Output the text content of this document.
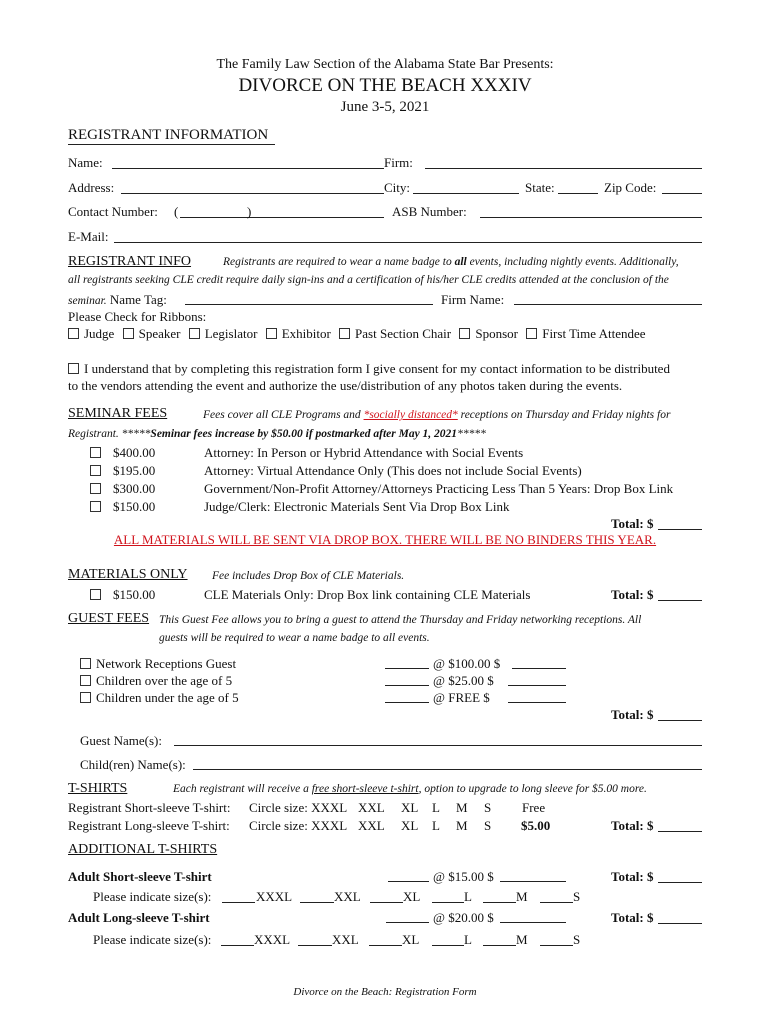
The Family Law Section of the Alabama State Bar Presents:
DIVORCE ON THE BEACH XXXIV
June 3-5, 2021
REGISTRANT INFORMATION
Name:	Firm:
Address:	City:	State:	Zip Code:
Contact Number: (	)	ASB Number:
E-Mail:
REGISTRANT INFO	Registrants are required to wear a name badge to all events, including nightly events. Additionally,
all registrants seeking CLE credit require daily sign-ins and a certification of his/her CLE credits attended at the conclusion of the
seminar. Name Tag:	Firm Name:
Please Check for Ribbons:
Judge Speaker Legislator Exhibitor Past Section Chair Sponsor First Time Attendee
I understand that by completing this registration form I give consent for my contact information to be distributed
to the vendors attending the event and authorize the use/distribution of any photos taken during the events.
SEMINAR FEES	Fees cover all CLE Programs and *socially distanced* receptions on Thursday and Friday nights for
Registrant. *****Seminar fees increase by $50.00 if postmarked after May 1, 2021*****
$400.00	Attorney: In Person or Hybrid Attendance with Social Events
$195.00	Attorney: Virtual Attendance Only (This does not include Social Events)
$300.00	Government/Non-Profit Attorney/Attorneys Practicing Less Than 5 Years: Drop Box Link
$150.00	Judge/Clerk: Electronic Materials Sent Via Drop Box Link
Total: $
ALL MATERIALS WILL BE SENT VIA DROP BOX. THERE WILL BE NO BINDERS THIS YEAR.
MATERIALS ONLY Fee includes Drop Box of CLE Materials.
$150.00	CLE Materials Only: Drop Box link containing CLE Materials	Total: $
GUEST FEES This Guest Fee allows you to bring a guest to attend the Thursday and Friday networking receptions. All
guests will be required to wear a name badge to all events.
Network Receptions Guest	@ $100.00 $
Children over the age of 5	@ $25.00 $
Children under the age of 5	@ FREE $
Total: $
Guest Name(s):
Child(ren) Name(s):
T-SHIRTS	Each registrant will receive a free short-sleeve t-shirt, option to upgrade to long sleeve for $5.00 more.
Registrant Short-sleeve T-shirt: Circle size: XXXL XXL XL L M S Free
Registrant Long-sleeve T-shirt: Circle size: XXXL XXL XL L M S $5.00	Total: $
ADDITIONAL T-SHIRTS
Adult Short-sleeve T-shirt	@ $15.00 $	Total: $
Please indicate size(s):	XXXL	XXL	XL	L	M	S
Adult Long-sleeve T-shirt	@ $20.00 $	Total: $
Please indicate size(s):	XXXL	XXL	XL	L	M	S
Divorce on the Beach: Registration Form
